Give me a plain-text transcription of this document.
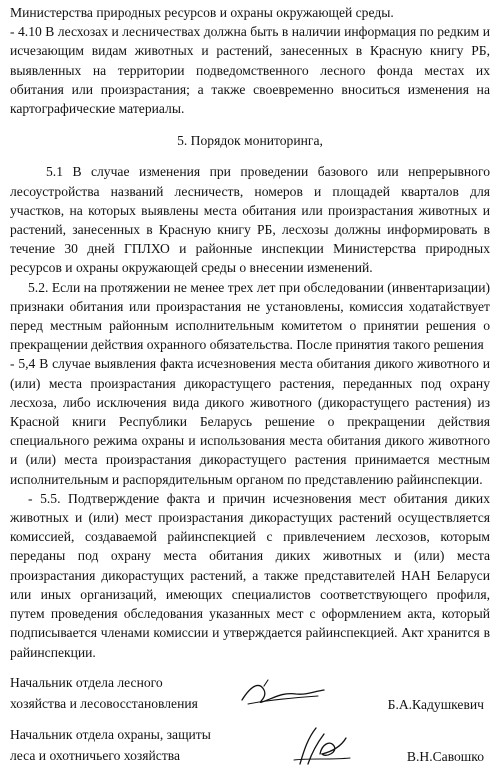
Министерства природных ресурсов и охраны окружающей среды.

- 4.10 В лесхозах и лесничествах должна быть в наличии информация по редким и исчезающим видам животных и растений, занесенных в Красную книгу РБ, выявленных на территории подведомственного лесного фонда местах их обитания или произрастания; а также своевременно вноситься изменения на картографические материалы.

5. Порядок мониторинга,

5.1 В случае изменения при проведении базового или непрерывного лесоустройства названий лесничеств, номеров и площадей кварталов для участков, на которых выявлены места обитания или произрастания животных и растений, занесенных в Красную книгу РБ, лесхозы должны информировать в течение 30 дней ГПЛХО и районные инспекции Министерства природных ресурсов и охраны окружающей среды о внесении изменений.

5.2. Если на протяжении не менее трех лет при обследовании (инвентаризации) признаки обитания или произрастания не установлены, комиссия ходатайствует перед местным районным исполнительным комитетом о принятии решения о прекращении действия охранного обязательства. После принятия такого решения

- 5,4 В случае выявления факта исчезновения места обитания дикого животного и (или) места произрастания дикорастущего растения, переданных под охрану лесхоза, либо исключения вида дикого животного (дикорастущего растения) из Красной книги Республики Беларусь решение о прекращении действия специального режима охраны и использования места обитания дикого животного и (или) места произрастания дикорастущего растения принимается местным исполнительным и распорядительным органом по представлению райинспекции.

- 5.5. Подтверждение факта и причин исчезновения мест обитания диких животных и (или) мест произрастания дикорастущих растений осуществляется комиссией, создаваемой райинспекцией с привлечением лесхозов, которым переданы под охрану места обитания диких животных и (или) места произрастания дикорастущих растений, а также представителей НАН Беларуси или иных организаций, имеющих специалистов соответствующего профиля, путем проведения обследования указанных мест с оформлением акта, который подписывается членами комиссии и утверждается райинспекцией. Акт хранится в райинспекции.

Начальник отдела лесного
хозяйства и лесовосстановления	Б.А.Кадушкевич
Начальник отдела охраны, защиты
леса и охотничьего хозяйства	В.Н.Савошко
